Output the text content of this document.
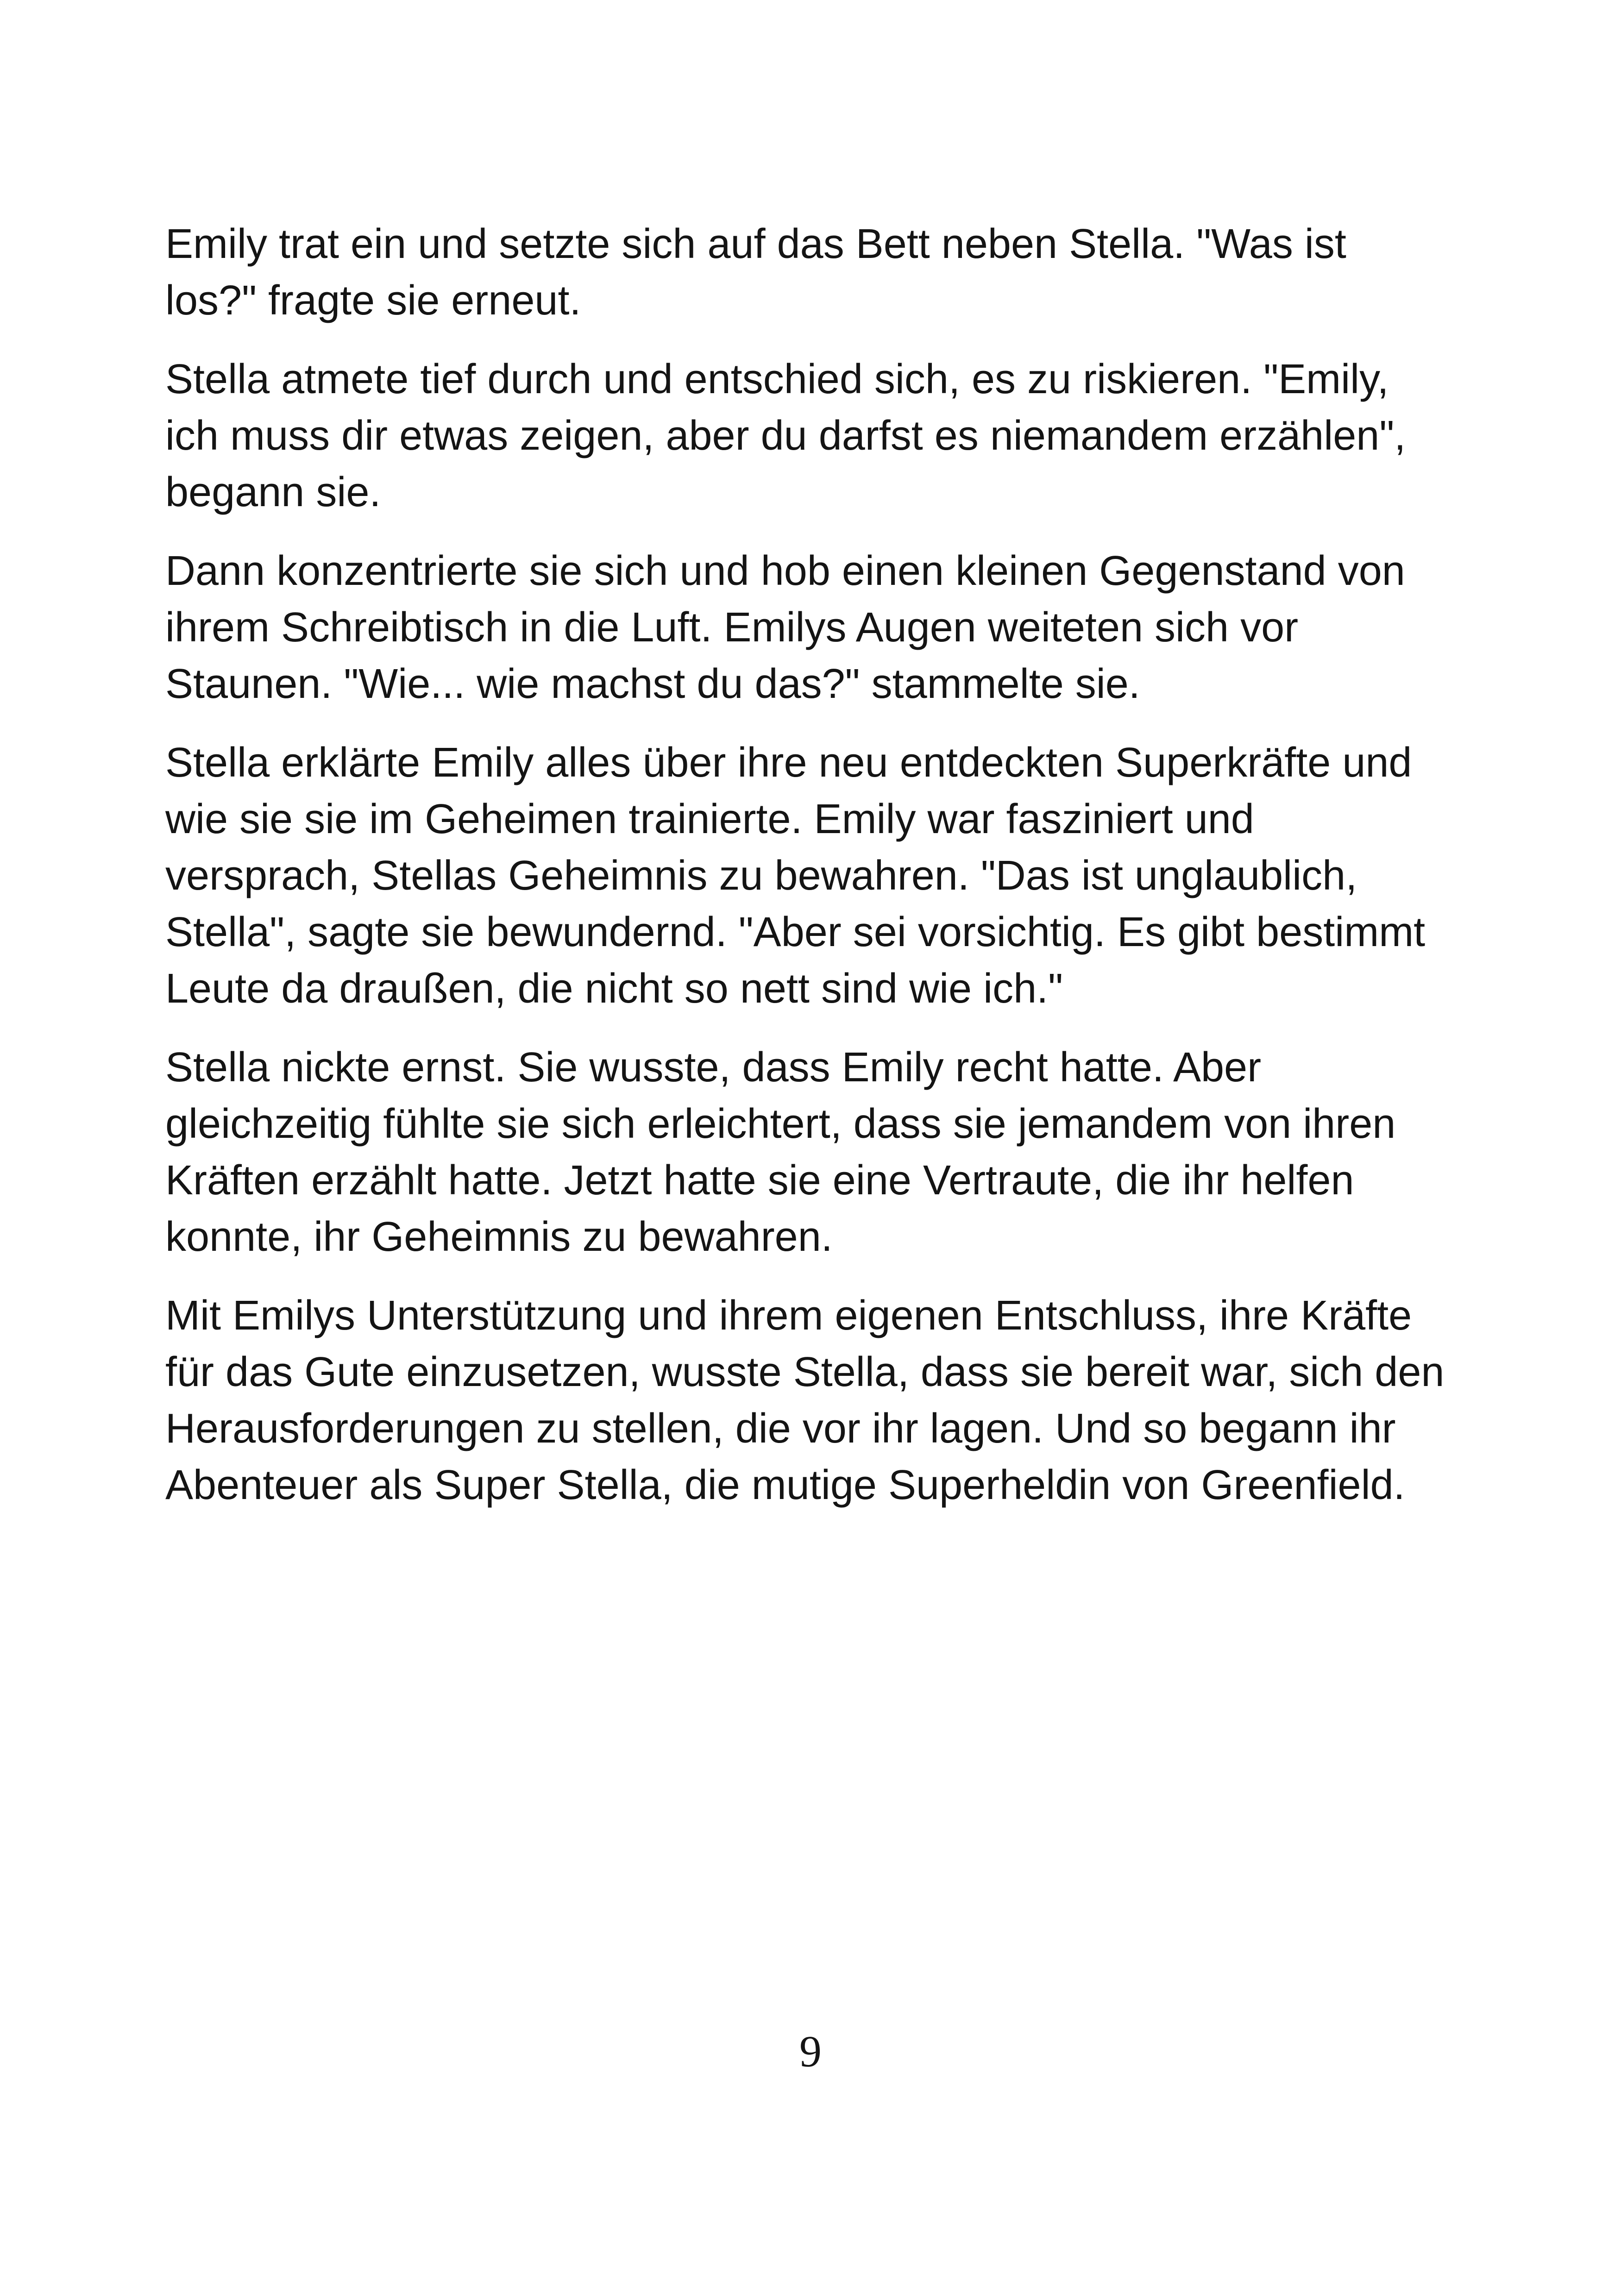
Emily trat ein und setzte sich auf das Bett neben Stella. "Was ist
los?" fragte sie erneut.

Stella atmete tief durch und entschied sich, es zu riskieren. "Emily,
ich muss dir etwas zeigen, aber du darfst es niemandem erzählen",
begann sie.

Dann konzentrierte sie sich und hob einen kleinen Gegenstand von
ihrem Schreibtisch in die Luft. Emilys Augen weiteten sich vor
Staunen. "Wie... wie machst du das?" stammelte sie.

Stella erklärte Emily alles über ihre neu entdeckten Superkräfte und
wie sie sie im Geheimen trainierte. Emily war fasziniert und
versprach, Stellas Geheimnis zu bewahren. "Das ist unglaublich,
Stella", sagte sie bewundernd. "Aber sei vorsichtig. Es gibt bestimmt
Leute da draußen, die nicht so nett sind wie ich."

Stella nickte ernst. Sie wusste, dass Emily recht hatte. Aber
gleichzeitig fühlte sie sich erleichtert, dass sie jemandem von ihren
Kräften erzählt hatte. Jetzt hatte sie eine Vertraute, die ihr helfen
konnte, ihr Geheimnis zu bewahren.

Mit Emilys Unterstützung und ihrem eigenen Entschluss, ihre Kräfte
für das Gute einzusetzen, wusste Stella, dass sie bereit war, sich den
Herausforderungen zu stellen, die vor ihr lagen. Und so begann ihr
Abenteuer als Super Stella, die mutige Superheldin von Greenfield.

9
